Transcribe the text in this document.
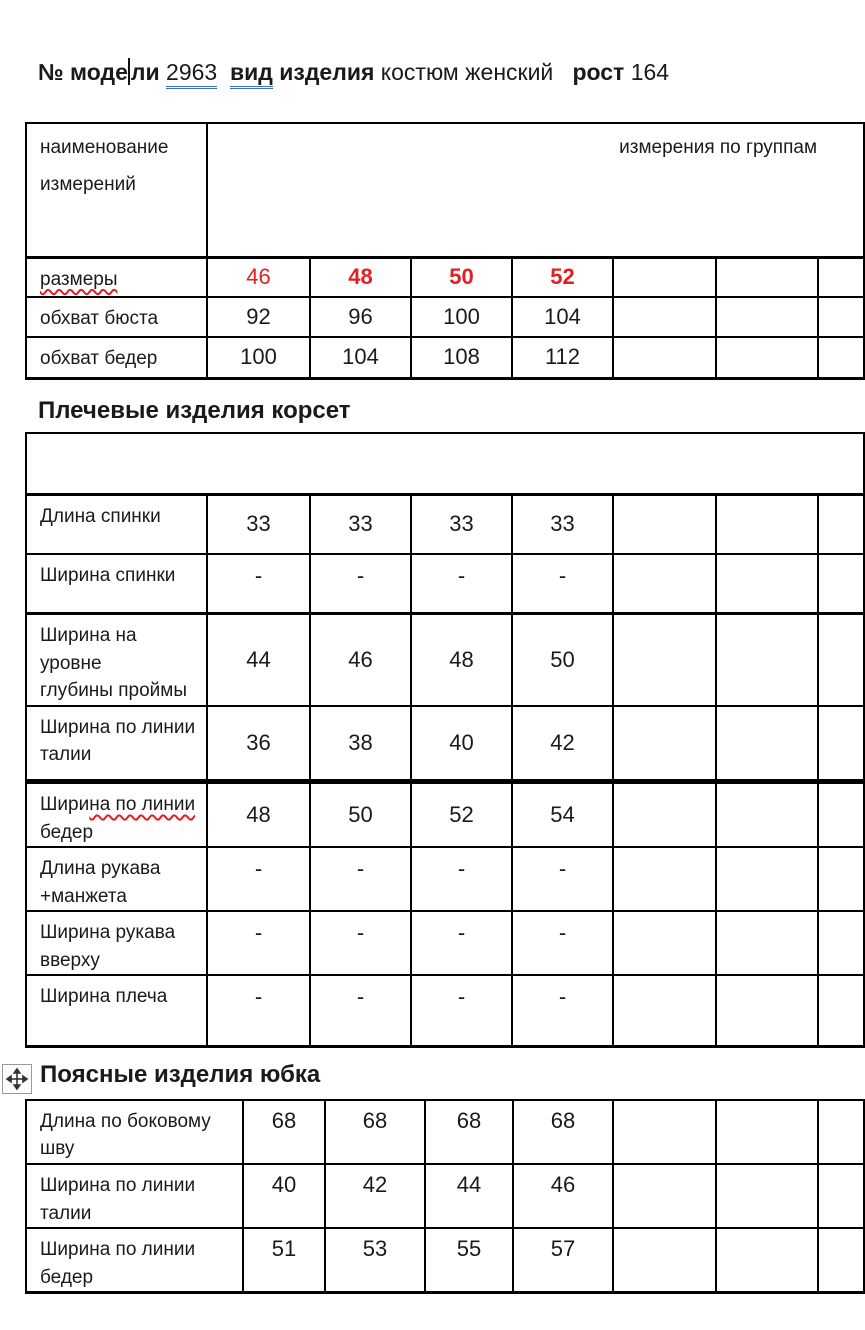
№ моде ли 2963 вид изделия костюм женский рост 164
наименование
измерений	измерения по группам						

размеры	46	48	50	52			

обхват бюста	92	96	100	104			

обхват бедер	100	104	108	112			
Плечевые изделия корсет

Длина спинки	33	33	33	33			

Ширина спинки	-	-	-	-			

Ширина на уровне
глубины проймы	44	46	48	50			

Ширина по линии
талии	36	38	40	42			

Ширина по линии
бедер	48	50	52	54			

Длина рукава
+манжета	-	-	-	-			

Ширина рукава
вверху	-	-	-	-			

Ширина плеча	-	-	-	-			
Поясные изделия юбка
Длина по боковому
шву	68	68	68	68			

Ширина по линии
талии	40	42	44	46			

Ширина по линии
бедер	51	53	55	57			
